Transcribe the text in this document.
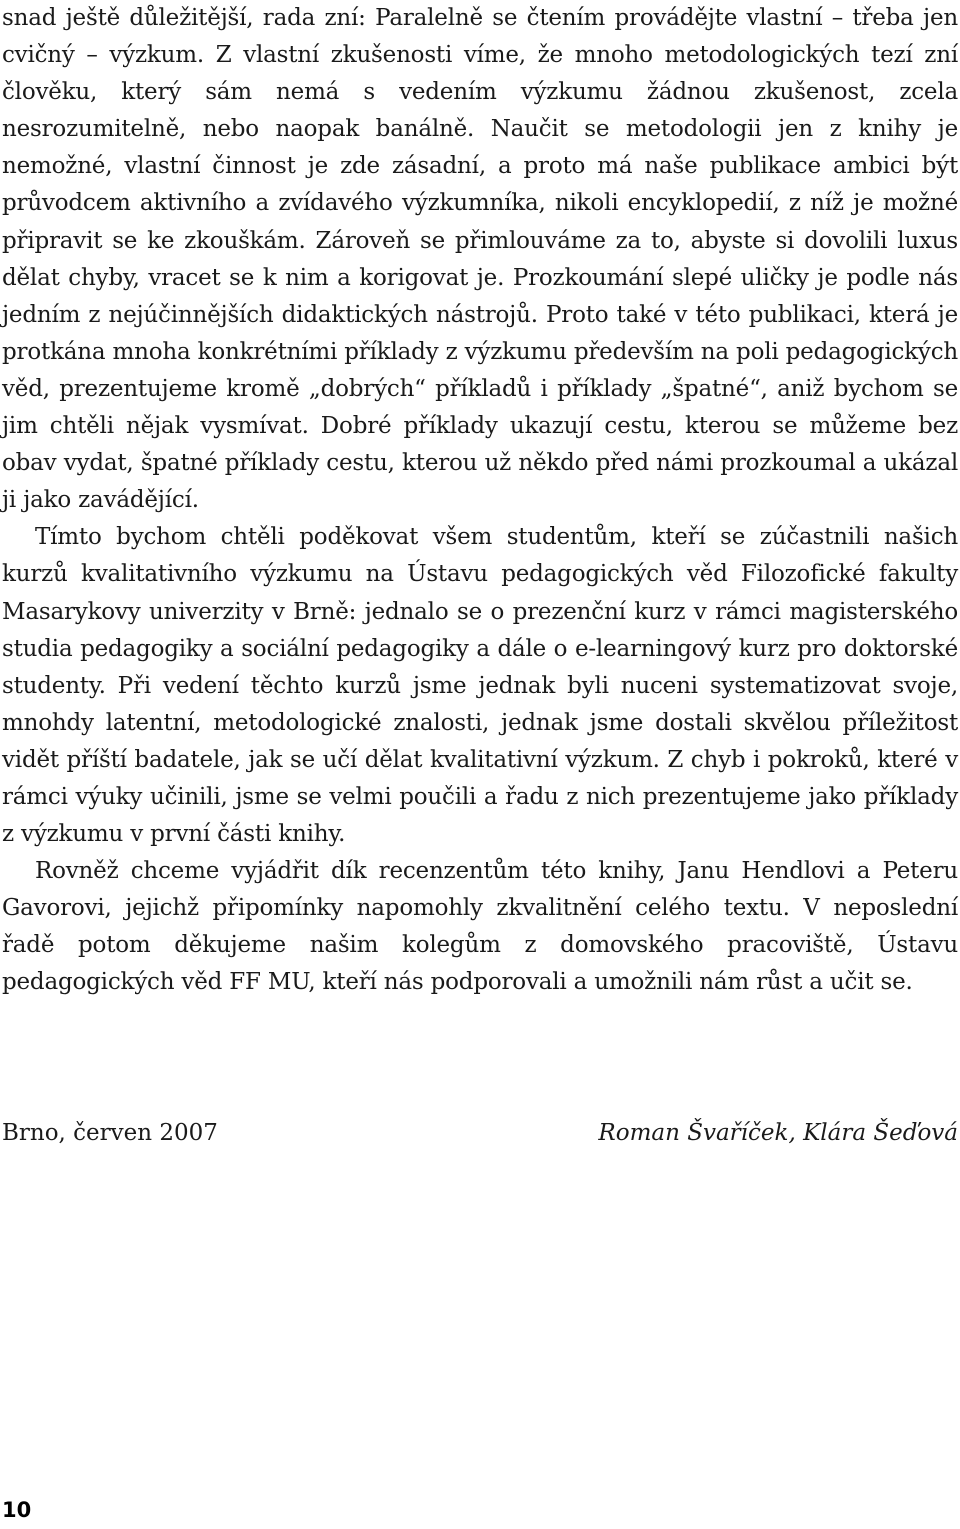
snad ještě důležitější, rada zní: Paralelně se čtením provádějte vlastní – třeba jen cvičný – výzkum. Z vlastní zkušenosti víme, že mnoho metodologických tezí zní člověku, který sám nemá s vedením výzkumu žádnou zkušenost, zcela nesrozumitelně, nebo naopak banálně. Naučit se metodologii jen z knihy je nemožné, vlastní činnost je zde zásadní, a proto má naše publikace ambici být průvodcem aktivního a zvídavého výzkumníka, nikoli encyklopedií, z níž je možné připravit se ke zkouškám. Zároveň se přimlouváme za to, abyste si dovolili luxus dělat chyby, vracet se k nim a korigovat je. Prozkoumání slepé uličky je podle nás jedním z nejúčinnějších didaktických nástrojů. Proto také v této publikaci, která je protkána mnoha konkrétními příklady z výzkumu především na poli pedagogických věd, prezentujeme kromě „dobrých“ příkladů i příklady „špatné“, aniž bychom se jim chtěli nějak vysmívat. Dobré příklady ukazují cestu, kterou se můžeme bez obav vydat, špatné příklady cestu, kterou už někdo před námi prozkoumal a ukázal ji jako zavádějící.

Tímto bychom chtěli poděkovat všem studentům, kteří se zúčastnili našich kurzů kvalitativního výzkumu na Ústavu pedagogických věd Filozofické fakulty Masarykovy univerzity v Brně: jednalo se o prezenční kurz v rámci magisterského studia pedagogiky a sociální pedagogiky a dále o e-learningový kurz pro doktorské studenty. Při vedení těchto kurzů jsme jednak byli nuceni systematizovat svoje, mnohdy latentní, metodologické znalosti, jednak jsme dostali skvělou příležitost vidět příští badatele, jak se učí dělat kvalitativní výzkum. Z chyb i pokroků, které v rámci výuky učinili, jsme se velmi poučili a řadu z nich prezentujeme jako příklady z výzkumu v první části knihy.

Rovněž chceme vyjádřit dík recenzentům této knihy, Janu Hendlovi a Peteru Gavorovi, jejichž připomínky napomohly zkvalitnění celého textu. V neposlední řadě potom děkujeme našim kolegům z domovského pracoviště, Ústavu pedagogických věd FF MU, kteří nás podporovali a umožnili nám růst a učit se.

Brno, červen 2007	Roman Švaříček, Klára Šeďová
10
